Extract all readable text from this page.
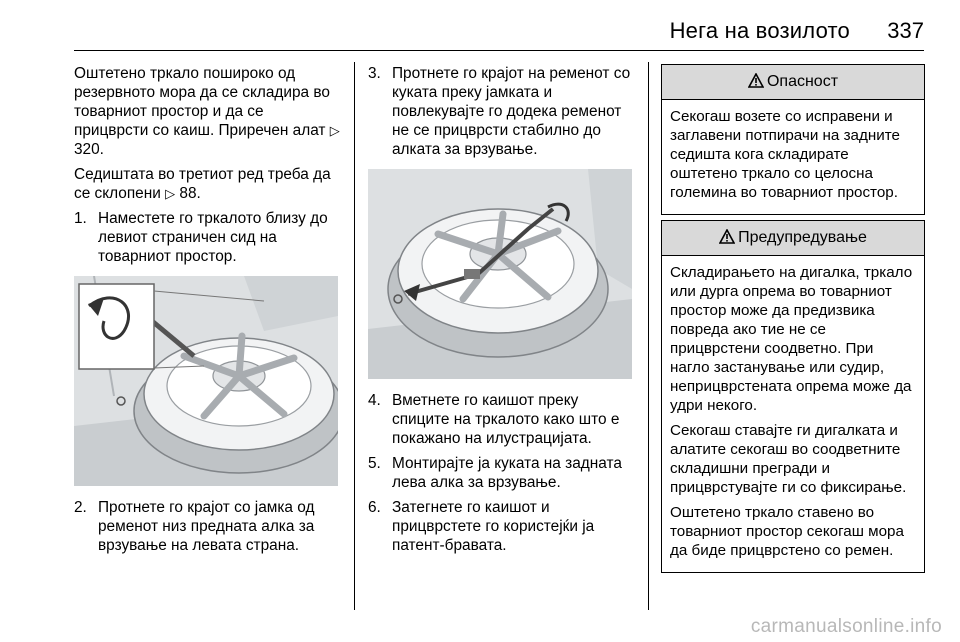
Нега на возилото 337

Оштетено тркало пошироко од резервното мора да се складира во товарниот простор и да се прицврсти со каиш. Приречен алат ▷ 320.

Седиштата во третиот ред треба да се склопени ▷ 88.

1. Наместете го тркалото близу до левиот страничен сид на товарниот простор.
2. Протнете го крајот со јамка од ременот низ предната алка за врзување на левата страна.
3. Протнете го крајот на ременот со куката преку јамката и повлекувајте го додека ременот не се прицврсти стабилно до алката за врзување.
4. Вметнете го каишот преку спиците на тркалото како што е покажано на илустрацијата.
5. Монтирајте ја куката на задната лева алка за врзување.
6. Затегнете го каишот и прицврстете го користејќи ја патент-бравата.
Опасност

Секогаш возете со исправени и заглавени потпирачи на задните седишта кога складирате оштетено тркало со целосна големина во товарниот простор.

Предупредување

Складирањето на дигалка, тркало или дурга опрема во товарниот простор може да предизвика повреда ако тие не се прицврстени соодветно. При нагло застанување или судир, неприцврстената опрема може да удри некого.

Секогаш ставајте ги дигалката и алатите секогаш во соодветните складишни прегради и прицврстувајте ги со фиксирање.

Оштетено тркало ставено во товарниот простор секогаш мора да биде прицврстено со ремен.

carmanualsonline.info
